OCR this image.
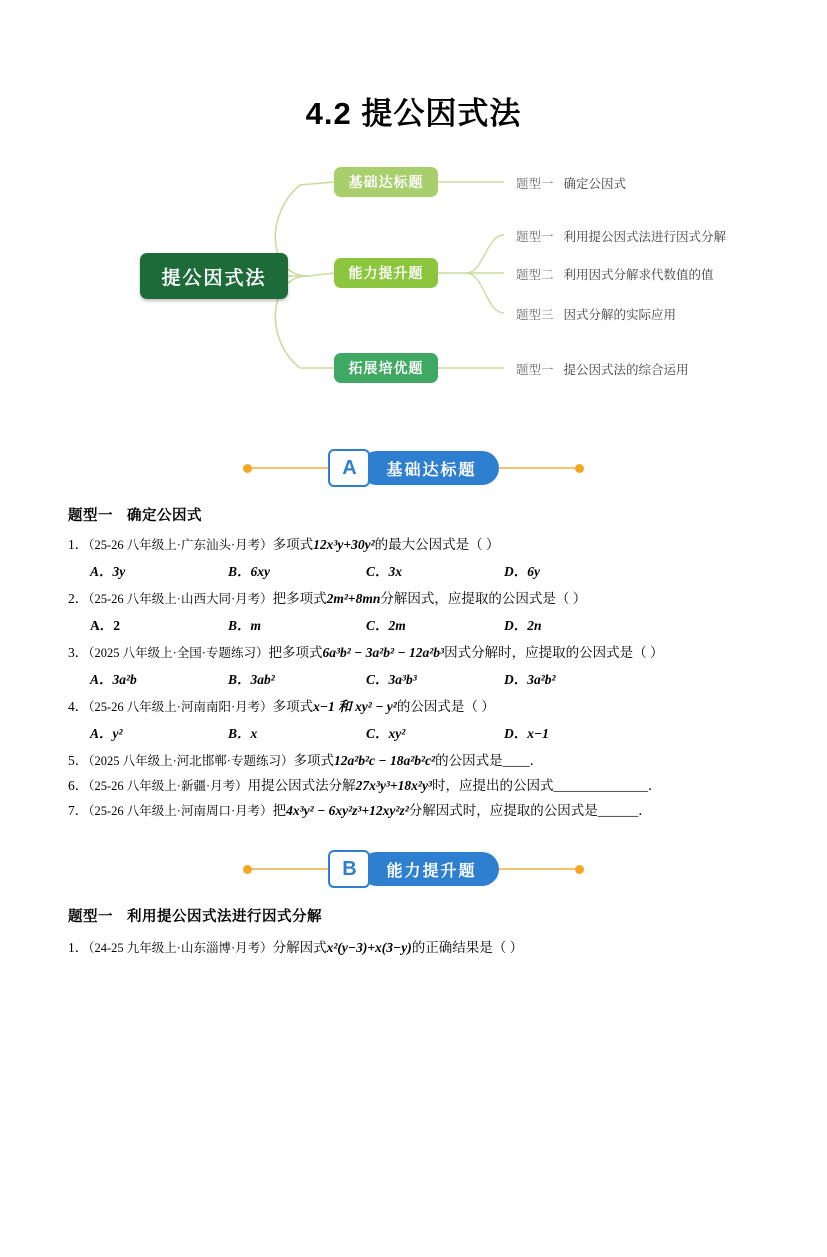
4.2 提公因式法
提公因式法
基础达标题
能力提升题
拓展培优题
题型一 确定公因式
题型一 利用提公因式法进行因式分解
题型二 利用因式分解求代数值的值
题型三 因式分解的实际应用
题型一 提公因式法的综合运用
A	基础达标题
题型一 确定公因式

1．（25-26 八年级上·广东汕头·月考）多项式12x³y+30y²的最大公因式是（ ）

A．3y	B．6xy	C．3x	D．6y

2．（25-26 八年级上·山西大同·月考）把多项式2m²+8mn分解因式，应提取的公因式是（ ）

A．2	B．m	C．2m	D．2n

3．（2025 八年级上·全国·专题练习）把多项式6a³b² − 3a²b² − 12a²b³因式分解时，应提取的公因式是（ ）

A．3a²b	B．3ab²	C．3a³b³	D．3a²b²

4．（25-26 八年级上·河南南阳·月考）多项式x−1 和 xy² − y²的公因式是（ ）

A．y²	B．x	C．xy²	D．x−1

5．（2025 八年级上·河北邯郸·专题练习）多项式12a²b²c − 18a²b²c²的公因式是____．

6．（25-26 八年级上·新疆·月考）用提公因式法分解27x³y³+18x²y³时，应提出的公因式______________．

7．（25-26 八年级上·河南周口·月考）把4x³y² − 6xy²z³+12xy²z²分解因式时，应提取的公因式是______．

B	能力提升题
题型一 利用提公因式法进行因式分解

1．（24-25 九年级上·山东淄博·月考）分解因式x²(y−3)+x(3−y)的正确结果是（ ）
